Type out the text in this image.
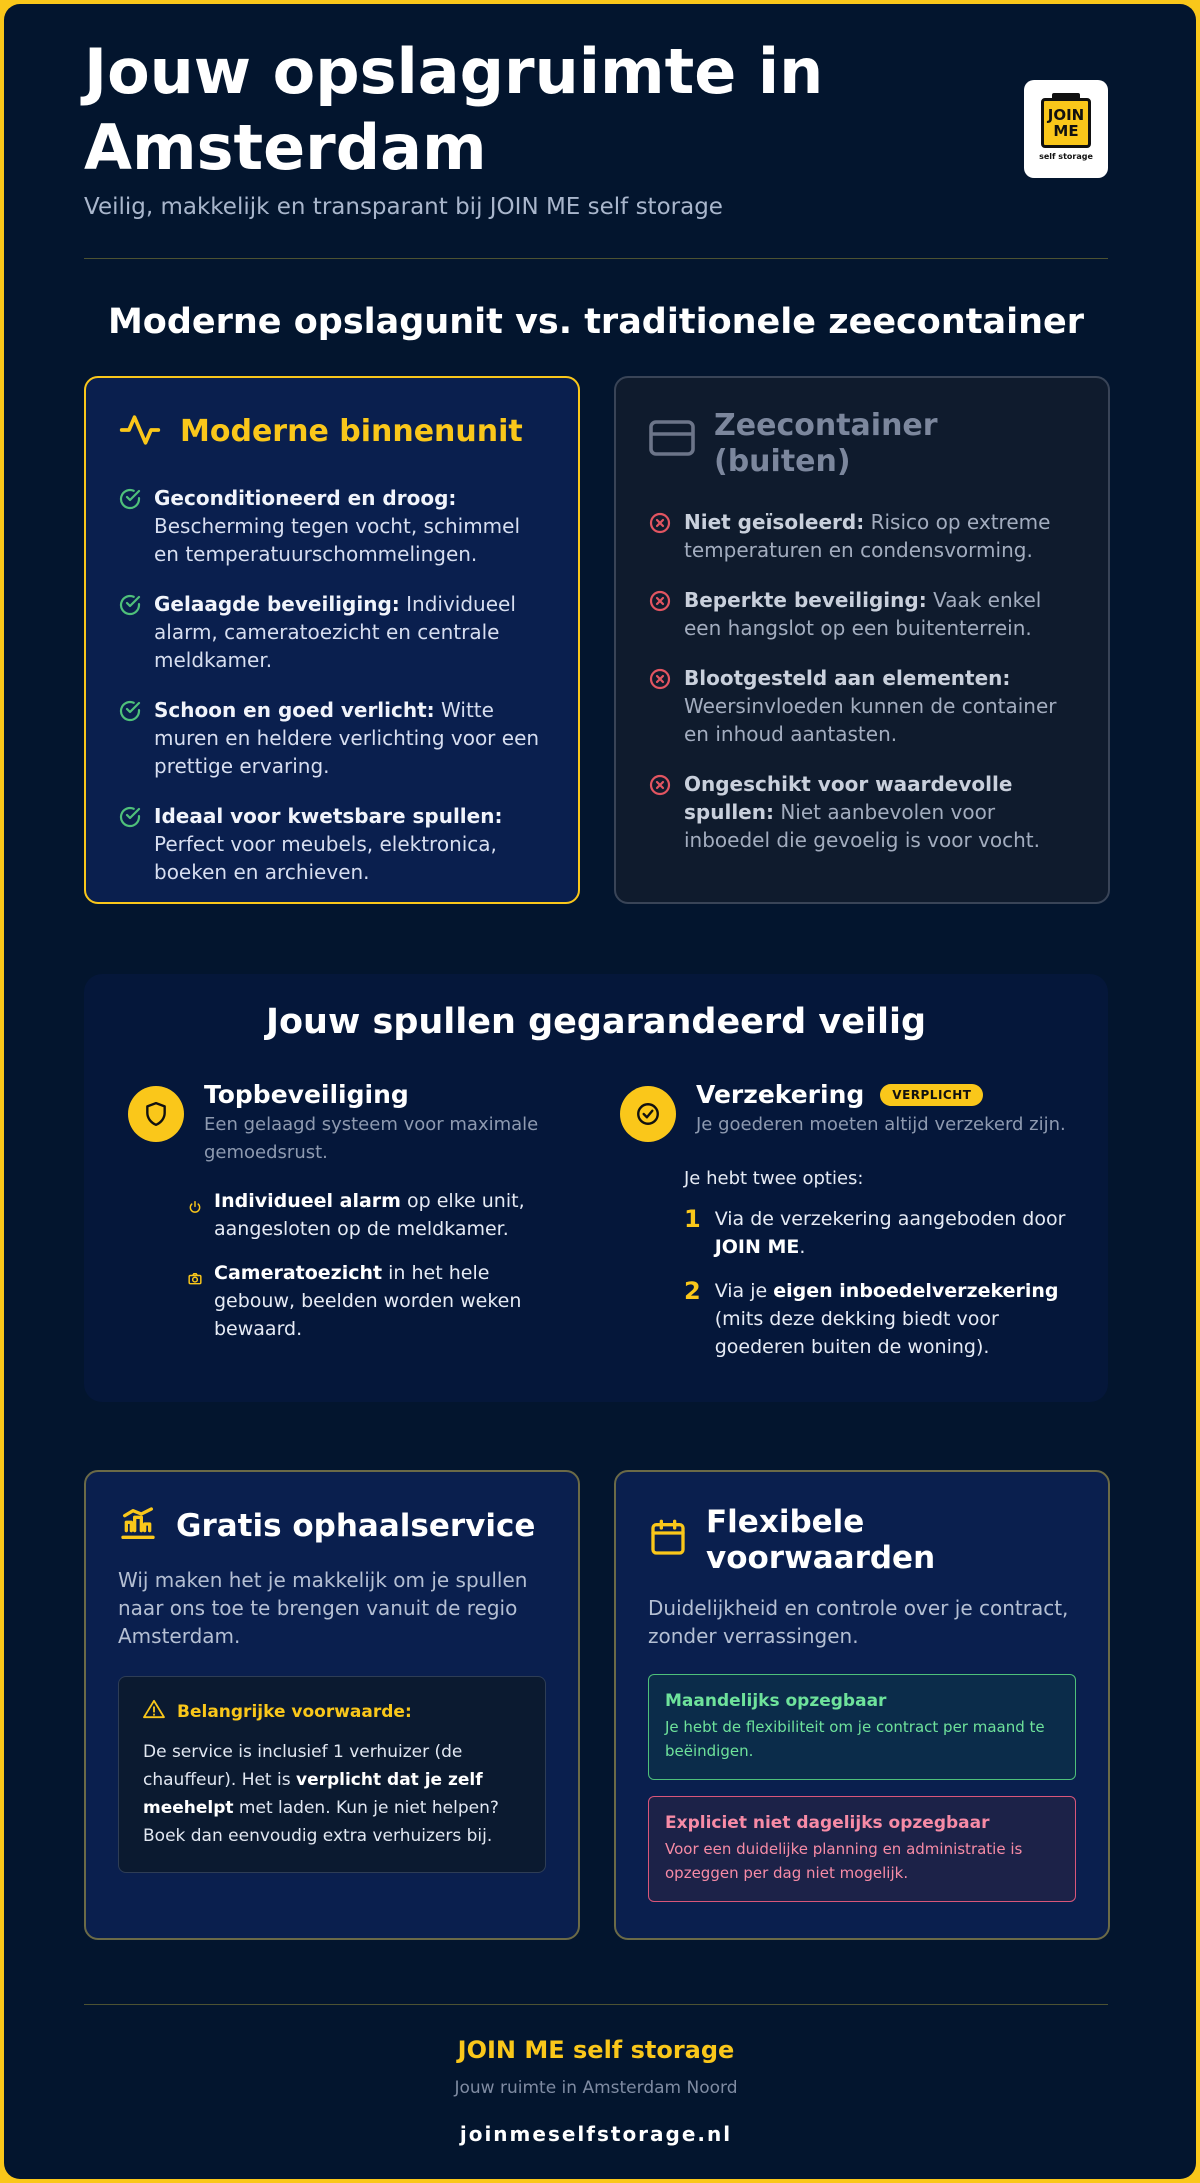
Jouw opslagruimte in Amsterdam

Veilig, makkelijk en transparant bij JOIN ME self storage

JOIN ME
self storage
Moderne opslagunit vs. traditionele zeecontainer
Moderne binnenunit
Geconditioneerd en droog: Bescherming tegen vocht, schimmel en temperatuurschommelingen.
Gelaagde beveiliging: Individueel alarm, cameratoezicht en centrale meldkamer.
Schoon en goed verlicht: Witte muren en heldere verlichting voor een prettige ervaring.
Ideaal voor kwetsbare spullen: Perfect voor meubels, elektronica, boeken en archieven.
Zeecontainer (buiten)
Niet geïsoleerd: Risico op extreme temperaturen en condensvorming.
Beperkte beveiliging: Vaak enkel een hangslot op een buitenterrein.
Blootgesteld aan elementen: Weersinvloeden kunnen de container en inhoud aantasten.
Ongeschikt voor waardevolle spullen: Niet aanbevolen voor inboedel die gevoelig is voor vocht.
Jouw spullen gegarandeerd veilig
Topbeveiliging
Een gelaagd systeem voor maximale gemoedsrust.
Individueel alarm op elke unit, aangesloten op de meldkamer.
Cameratoezicht in het hele gebouw, beelden worden weken bewaard.
Verzekering	VERPLICHT
Je goederen moeten altijd verzekerd zijn.
Je hebt twee opties:
1 Via de verzekering aangeboden door JOIN ME.
2 Via je eigen inboedelverzekering (mits deze dekking biedt voor goederen buiten de woning).
Gratis ophaalservice

Wij maken het je makkelijk om je spullen naar ons toe te brengen vanuit de regio Amsterdam.

Belangrijke voorwaarde:

De service is inclusief 1 verhuizer (de chauffeur). Het is verplicht dat je zelf meehelpt met laden. Kun je niet helpen? Boek dan eenvoudig extra verhuizers bij.

Flexibele voorwaarden

Duidelijkheid en controle over je contract, zonder verrassingen.

Maandelijks opzegbaar
Je hebt de flexibiliteit om je contract per maand te beëindigen.
Expliciet niet dagelijks opzegbaar
Voor een duidelijke planning en administratie is opzeggen per dag niet mogelijk.
JOIN ME self storage
Jouw ruimte in Amsterdam Noord
joinmeselfstorage.nl
